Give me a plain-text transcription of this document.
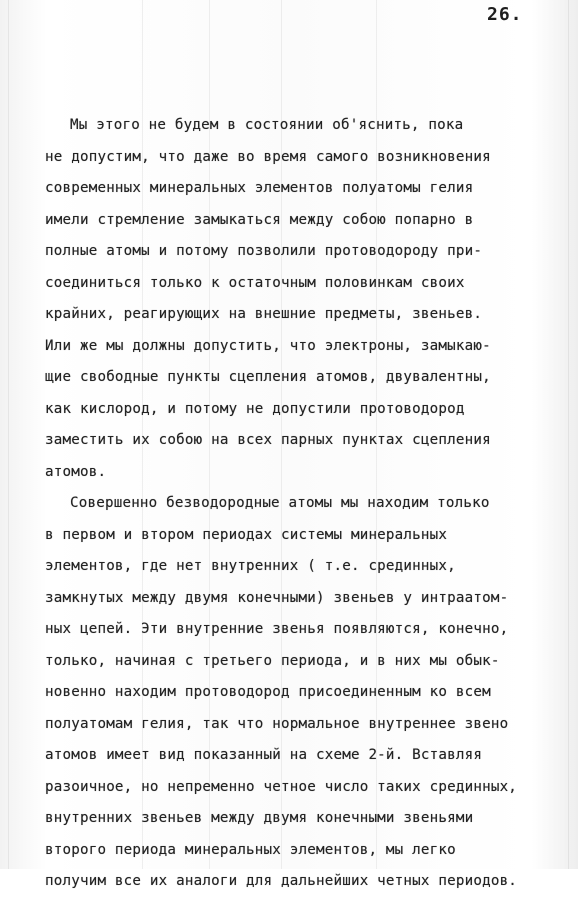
26.
Мы этого не будем в состоянии об'яснить, пока
не допустим, что даже во время самого возникновения
современных минеральных элементов полуатомы гелия
имели стремление замыкаться между собою попарно в
полные атомы и потому позволили протоводороду при-
соединиться только к остаточным половинкам своих
крайних, реагирующих на внешние предметы, звеньев.
Или же мы должны допустить, что электроны, замыкаю-
щие свободные пункты сцепления атомов, двувалентны,
как кислород, и потому не допустили протоводород
заместить их собою на всех парных пунктах сцепления
атомов.
Совершенно безводородные атомы мы находим только
в первом и втором периодах системы минеральных
элементов, где нет внутренних ( т.е. срединных,
замкнутых между двумя конечными) звеньев у интраатом-
ных цепей. Эти внутренние звенья появляются, конечно,
только, начиная с третьего периода, и в них мы обык-
новенно находим протоводород присоединенным ко всем
полуатомам гелия, так что нормальное внутреннее звено
атомов имеет вид показанный на схеме 2-й. Вставляя
разоичное, но непременно четное число таких срединных,
внутренних звеньев между двумя конечными звеньями
второго периода минеральных элементов, мы легко
получим все их аналоги для дальнейших четных периодов.
